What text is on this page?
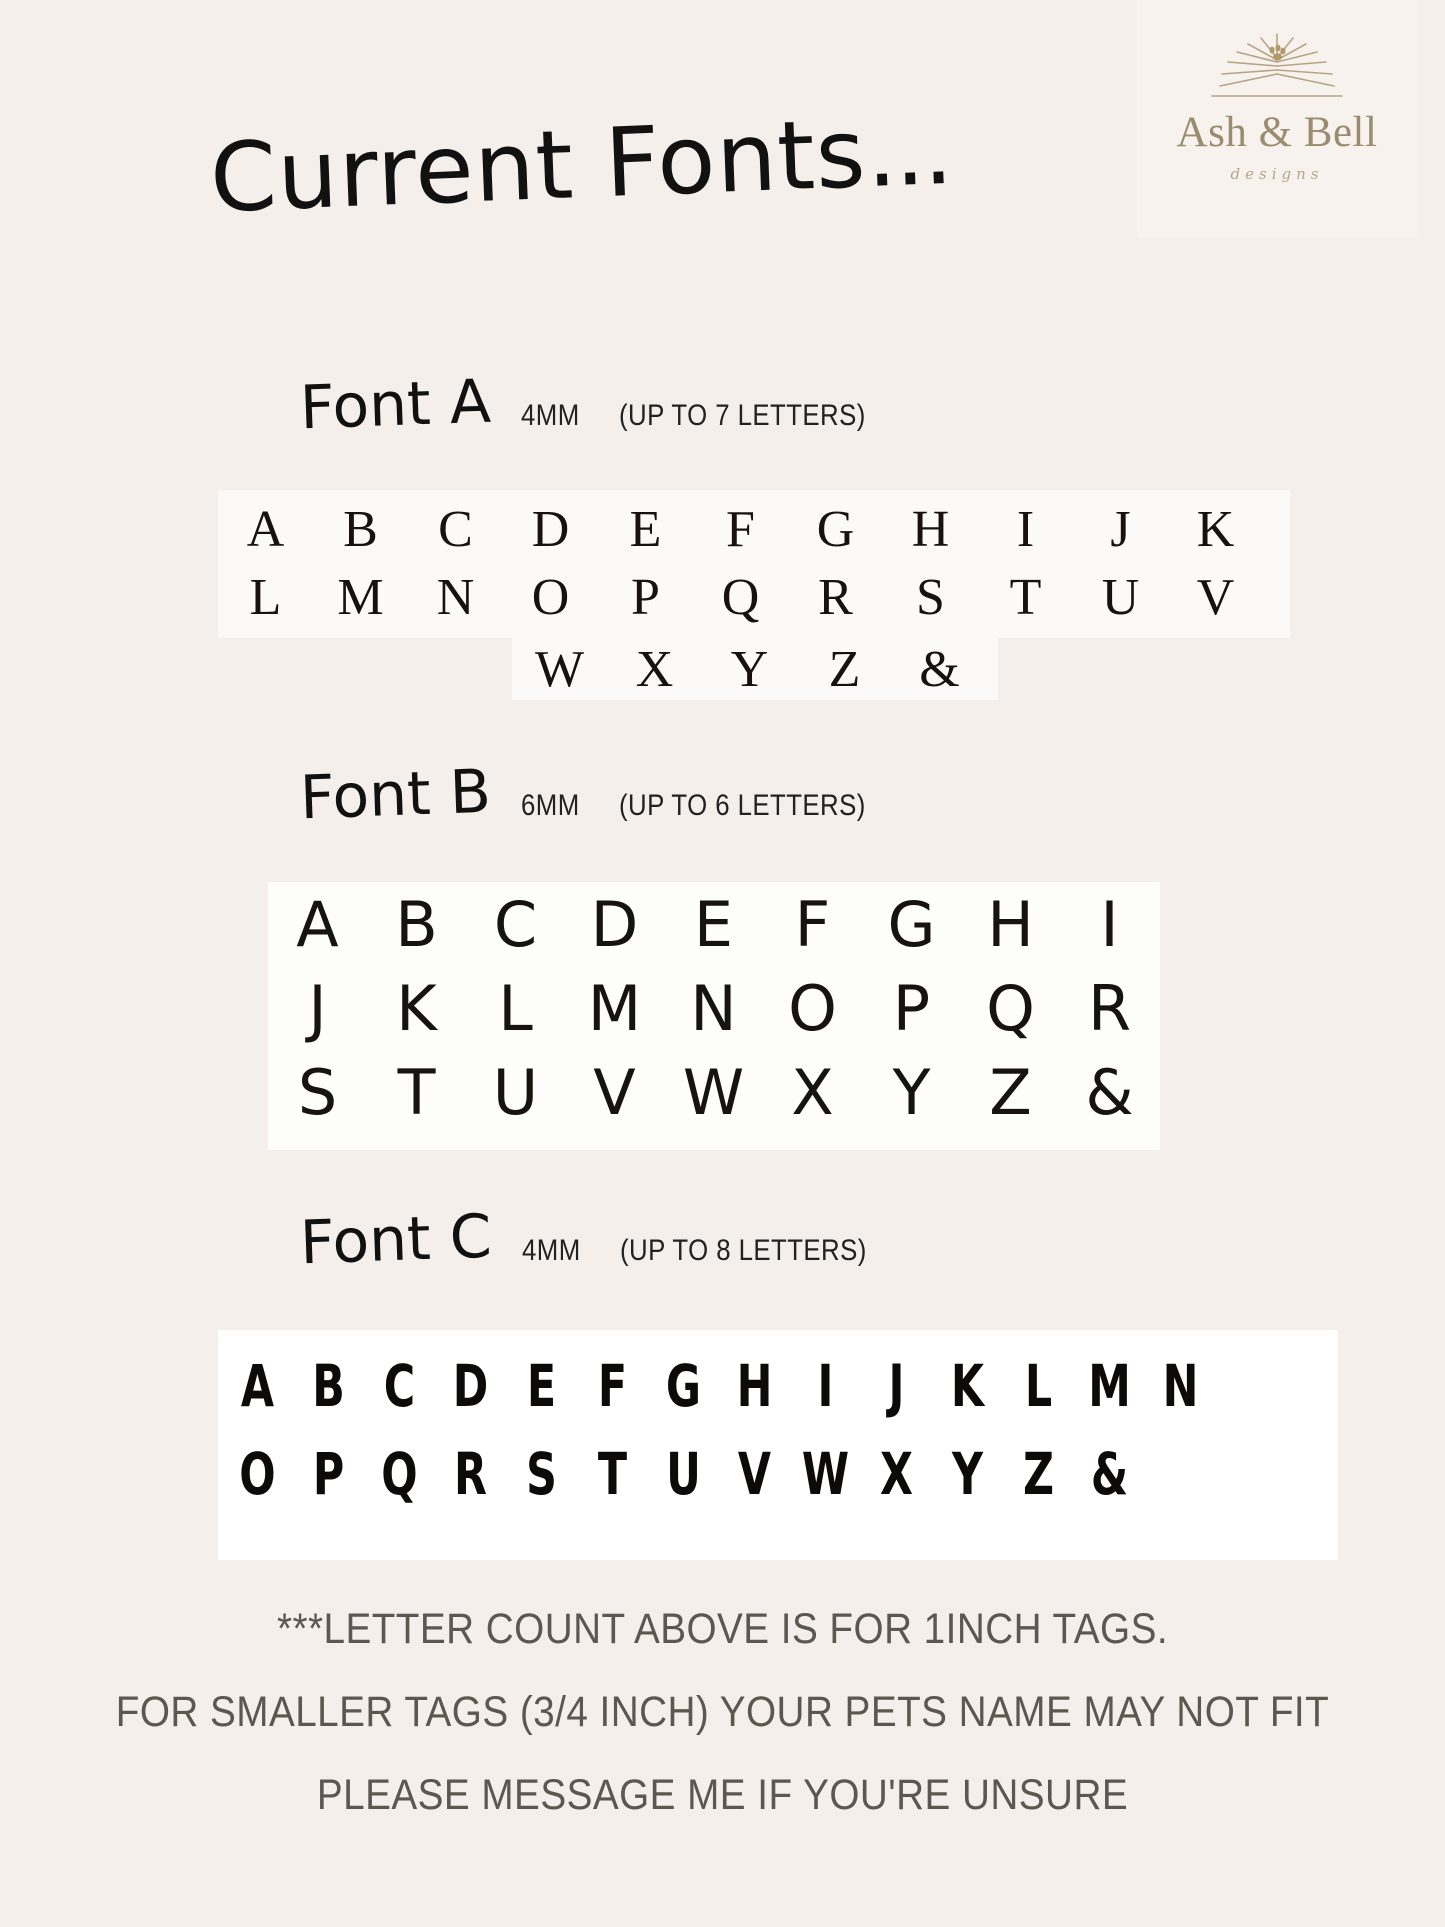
Ash & Bell
designs
Current Fonts...
Font A 4MM (UP TO 7 LETTERS)
A	B	C	D	E	F	G	H	I	J	K
L	M	N	O	P	Q	R	S	T	U	V
W X	Y	Z	&
Font B 6MM (UP TO 6 LETTERS)
A B C D E F G H	I
J	K L M N O P Q R
S T U V W X Y Z &
Font C 4MM (UP TO 8 LETTERS)
A B C D E F G H I J K L M N
O P Q R S T U V W X Y Z &
***LETTER COUNT ABOVE IS FOR 1INCH TAGS.
FOR SMALLER TAGS (3/4 INCH) YOUR PETS NAME MAY NOT FIT
PLEASE MESSAGE ME IF YOU'RE UNSURE
